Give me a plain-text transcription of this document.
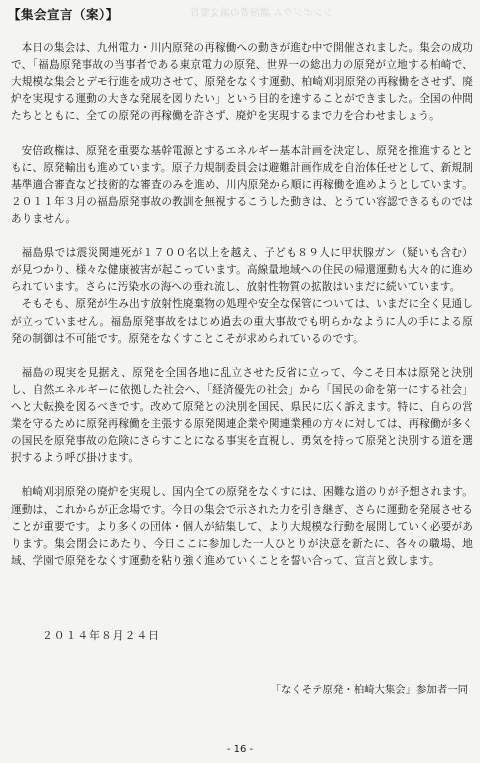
【集会宣言（案）】	シンポジウム 講演者の論文要旨

本日の集会は、九州電力・川内原発の再稼働への動きが進む中で開催されました。集会の成功で、「福島原発事故の当事者である東京電力の原発、世界一の総出力の原発が立地する柏崎で、大規模な集会とデモ行進を成功させて、原発をなくす運動、柏崎刈羽原発の再稼働をさせず、廃炉を実現する運動の大きな発展を図りたい」という目的を達することができました。全国の仲間たちとともに、全ての原発の再稼働を許さず、廃炉を実現するまで力を合わせましょう。

安倍政権は、原発を重要な基幹電源とするエネルギー基本計画を決定し、原発を推進するとともに、原発輸出も進めています。原子力規制委員会は避難計画作成を自治体任せとして、新規制基準適合審査など技術的な審査のみを進め、川内原発から順に再稼働を進めようとしています。２０１１年３月の福島原発事故の教訓を無視するこうした動きは、とうてい容認できるものではありません。

福島県では震災関連死が１７００名以上を越え、子ども８９人に甲状腺ガン（疑いも含む）が見つかり、様々な健康被害が起こっています。高線量地域への住民の帰還運動も大々的に進められています。さらに汚染水の海への垂れ流し、放射性物質の拡散はいまだに続いています。

そもそも、原発が生み出す放射性廃棄物の処理や安全な保管については、いまだに全く見通しが立っていません。福島原発事故をはじめ過去の重大事故でも明らかなように人の手による原発の制御は不可能です。原発をなくすことこそが求められているのです。

福島の現実を見据え、原発を全国各地に乱立させた反省に立って、今こそ日本は原発と決別し、自然エネルギーに依拠した社会へ、「経済優先の社会」から「国民の命を第一にする社会」へと大転換を図るべきです。改めて原発との決別を国民、県民に広く訴えます。特に、自らの営業を守るために原発再稼働を主張する原発関連企業や関連業種の方々に対しては、再稼働が多くの国民を原発事故の危険にさらすことになる事実を直視し、勇気を持って原発と決別する道を選択するよう呼び掛けます。

柏崎刈羽原発の廃炉を実現し、国内全ての原発をなくすには、困難な道のりが予想されます。運動は、これからが正念場です。今日の集会で示された力を引き継ぎ、さらに運動を発展させることが重要です。より多くの団体・個人が結集して、より大規模な行動を展開していく必要があります。集会閉会にあたり、今日ここに参加した一人ひとりが決意を新たに、各々の職場、地域、学園で原発をなくす運動を粘り強く進めていくことを誓い合って、宣言と致します。

２０１４年８月２４日
「なくそテ原発・柏崎大集会」参加者一同
- 16 -
